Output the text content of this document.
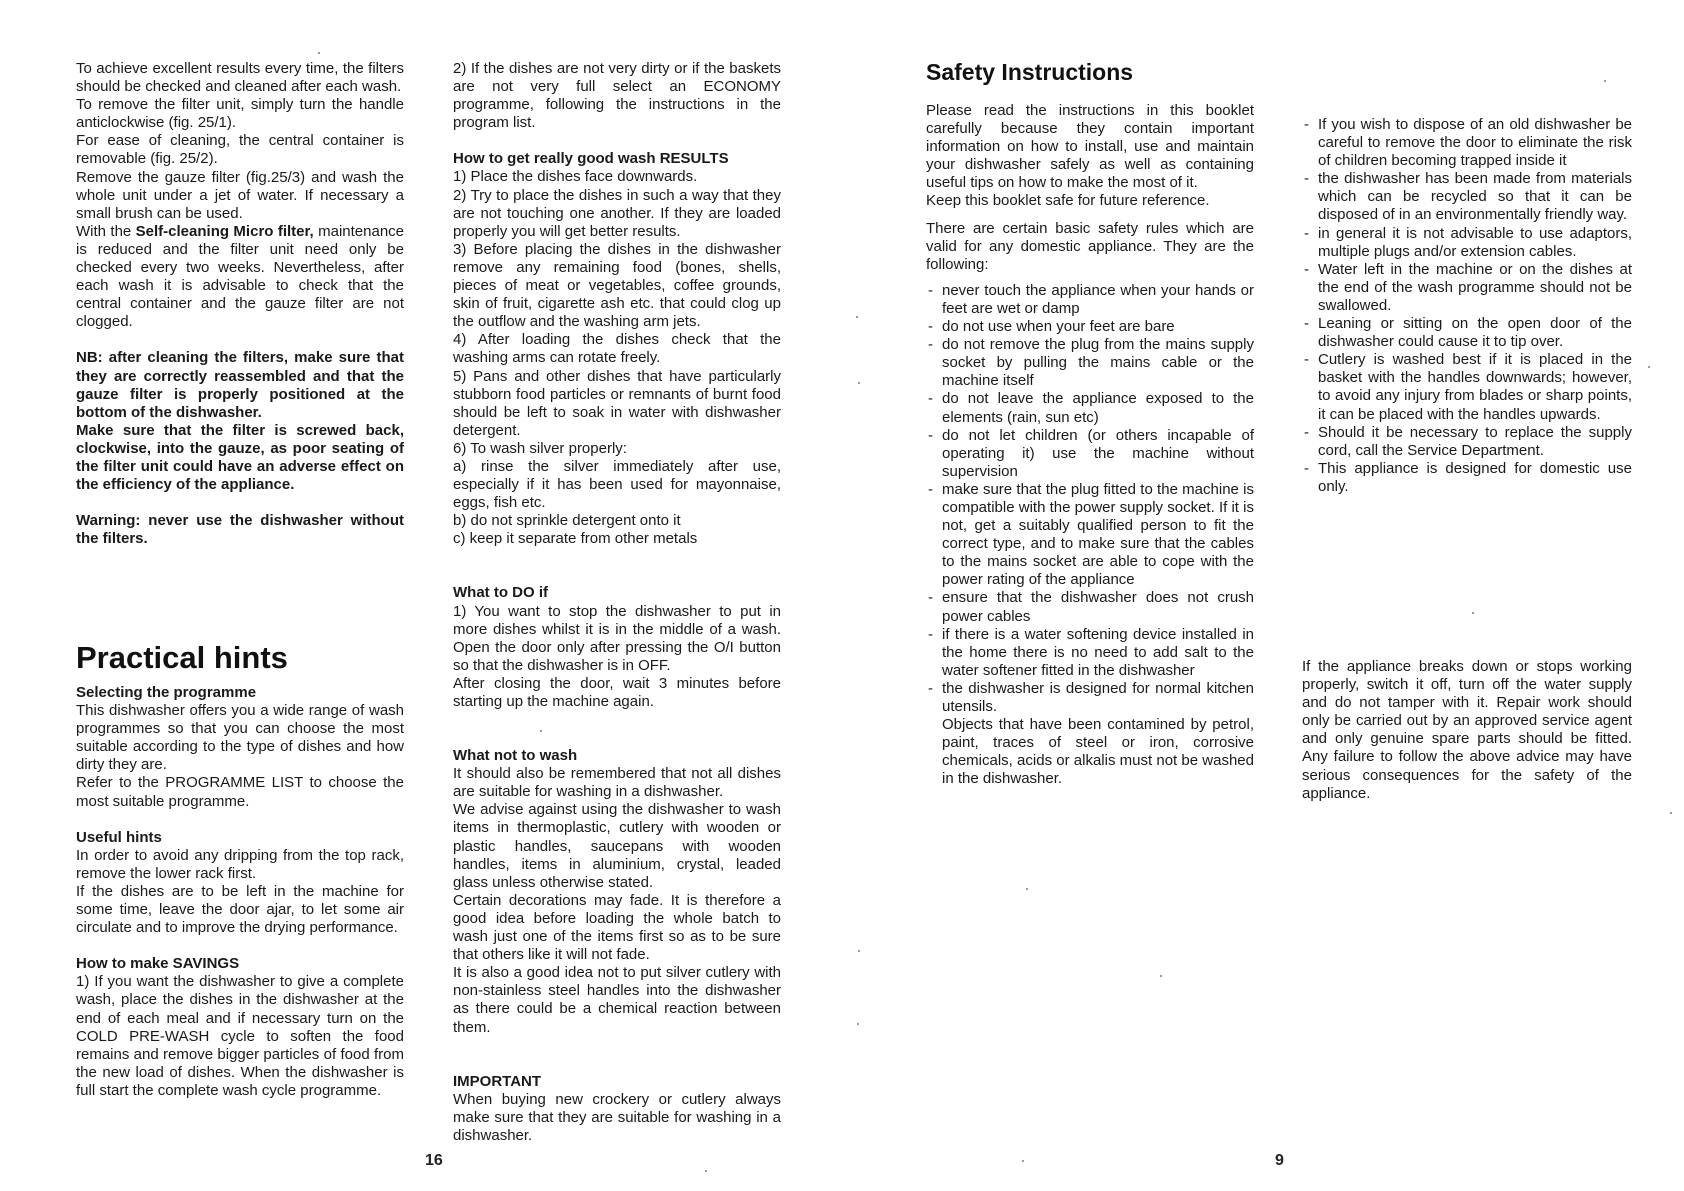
To achieve excellent results every time, the filters should be checked and cleaned after each wash.

To remove the filter unit, simply turn the handle anticlockwise (fig. 25/1).

For ease of cleaning, the central container is removable (fig. 25/2).

Remove the gauze filter (fig.25/3) and wash the whole unit under a jet of water. If necessary a small brush can be used.

With the Self-cleaning Micro filter, maintenance is reduced and the filter unit need only be checked every two weeks. Nevertheless, after each wash it is advisable to check that the central container and the gauze filter are not clogged.

NB: after cleaning the filters, make sure that they are correctly reassembled and that the gauze filter is properly positioned at the bottom of the dishwasher.

Make sure that the filter is screwed back, clockwise, into the gauze, as poor seating of the filter unit could have an adverse effect on the efficiency of the appliance.

Warning: never use the dishwasher without the filters.

Practical hints

Selecting the programme

This dishwasher offers you a wide range of wash programmes so that you can choose the most suitable according to the type of dishes and how dirty they are.

Refer to the PROGRAMME LIST to choose the most suitable programme.

Useful hints

In order to avoid any dripping from the top rack, remove the lower rack first.

If the dishes are to be left in the machine for some time, leave the door ajar, to let some air circulate and to improve the drying performance.

How to make SAVINGS

1) If you want the dishwasher to give a complete wash, place the dishes in the dishwasher at the end of each meal and if necessary turn on the COLD PRE-WASH cycle to soften the food remains and remove bigger particles of food from the new load of dishes. When the dishwasher is full start the complete wash cycle programme.

2) If the dishes are not very dirty or if the baskets are not very full select an ECONOMY programme, following the instructions in the program list.

How to get really good wash RESULTS

1) Place the dishes face downwards.

2) Try to place the dishes in such a way that they are not touching one another. If they are loaded properly you will get better results.

3) Before placing the dishes in the dishwasher remove any remaining food (bones, shells, pieces of meat or vegetables, coffee grounds, skin of fruit, cigarette ash etc. that could clog up the outflow and the washing arm jets.

4) After loading the dishes check that the washing arms can rotate freely.

5) Pans and other dishes that have particularly stubborn food particles or remnants of burnt food should be left to soak in water with dishwasher detergent.

6) To wash silver properly:

a) rinse the silver immediately after use, especially if it has been used for mayonnaise, eggs, fish etc.

b) do not sprinkle detergent onto it

c) keep it separate from other metals

What to DO if

1) You want to stop the dishwasher to put in more dishes whilst it is in the middle of a wash. Open the door only after pressing the O/I button so that the dishwasher is in OFF.

After closing the door, wait 3 minutes before starting up the machine again.

What not to wash

It should also be remembered that not all dishes are suitable for washing in a dishwasher.

We advise against using the dishwasher to wash items in thermoplastic, cutlery with wooden or plastic handles, saucepans with wooden handles, items in aluminium, crystal, leaded glass unless otherwise stated.

Certain decorations may fade. It is therefore a good idea before loading the whole batch to wash just one of the items first so as to be sure that others like it will not fade.

It is also a good idea not to put silver cutlery with non-stainless steel handles into the dishwasher as there could be a chemical reaction between them.

IMPORTANT

When buying new crockery or cutlery always make sure that they are suitable for washing in a dishwasher.

16
Safety Instructions

Please read the instructions in this booklet carefully because they contain important information on how to install, use and maintain your dishwasher safely as well as containing useful tips on how to make the most of it.

Keep this booklet safe for future reference.

There are certain basic safety rules which are valid for any domestic appliance. They are the following:

- never touch the appliance when your hands or feet are wet or damp
- do not use when your feet are bare
- do not remove the plug from the mains supply socket by pulling the mains cable or the machine itself
- do not leave the appliance exposed to the elements (rain, sun etc)
- do not let children (or others incapable of operating it) use the machine without supervision
- make sure that the plug fitted to the machine is compatible with the power supply socket. If it is not, get a suitably qualified person to fit the correct type, and to make sure that the cables to the mains socket are able to cope with the power rating of the appliance
- ensure that the dishwasher does not crush power cables
- if there is a water softening device installed in the home there is no need to add salt to the water softener fitted in the dishwasher
- the dishwasher is designed for normal kitchen utensils.

Objects that have been contamined by petrol, paint, traces of steel or iron, corrosive chemicals, acids or alkalis must not be washed in the dishwasher.

- If you wish to dispose of an old dishwasher be careful to remove the door to eliminate the risk of children becoming trapped inside it
- the dishwasher has been made from materials which can be recycled so that it can be disposed of in an environmentally friendly way.
- in general it is not advisable to use adaptors, multiple plugs and/or extension cables.
- Water left in the machine or on the dishes at the end of the wash programme should not be swallowed.
- Leaning or sitting on the open door of the dishwasher could cause it to tip over.
- Cutlery is washed best if it is placed in the basket with the handles downwards; however, to avoid any injury from blades or sharp points, it can be placed with the handles upwards.
- Should it be necessary to replace the supply cord, call the Service Department.
- This appliance is designed for domestic use only.
If the appliance breaks down or stops working properly, switch it off, turn off the water supply and do not tamper with it. Repair work should only be carried out by an approved service agent and only genuine spare parts should be fitted. Any failure to follow the above advice may have serious consequences for the safety of the appliance.
9
